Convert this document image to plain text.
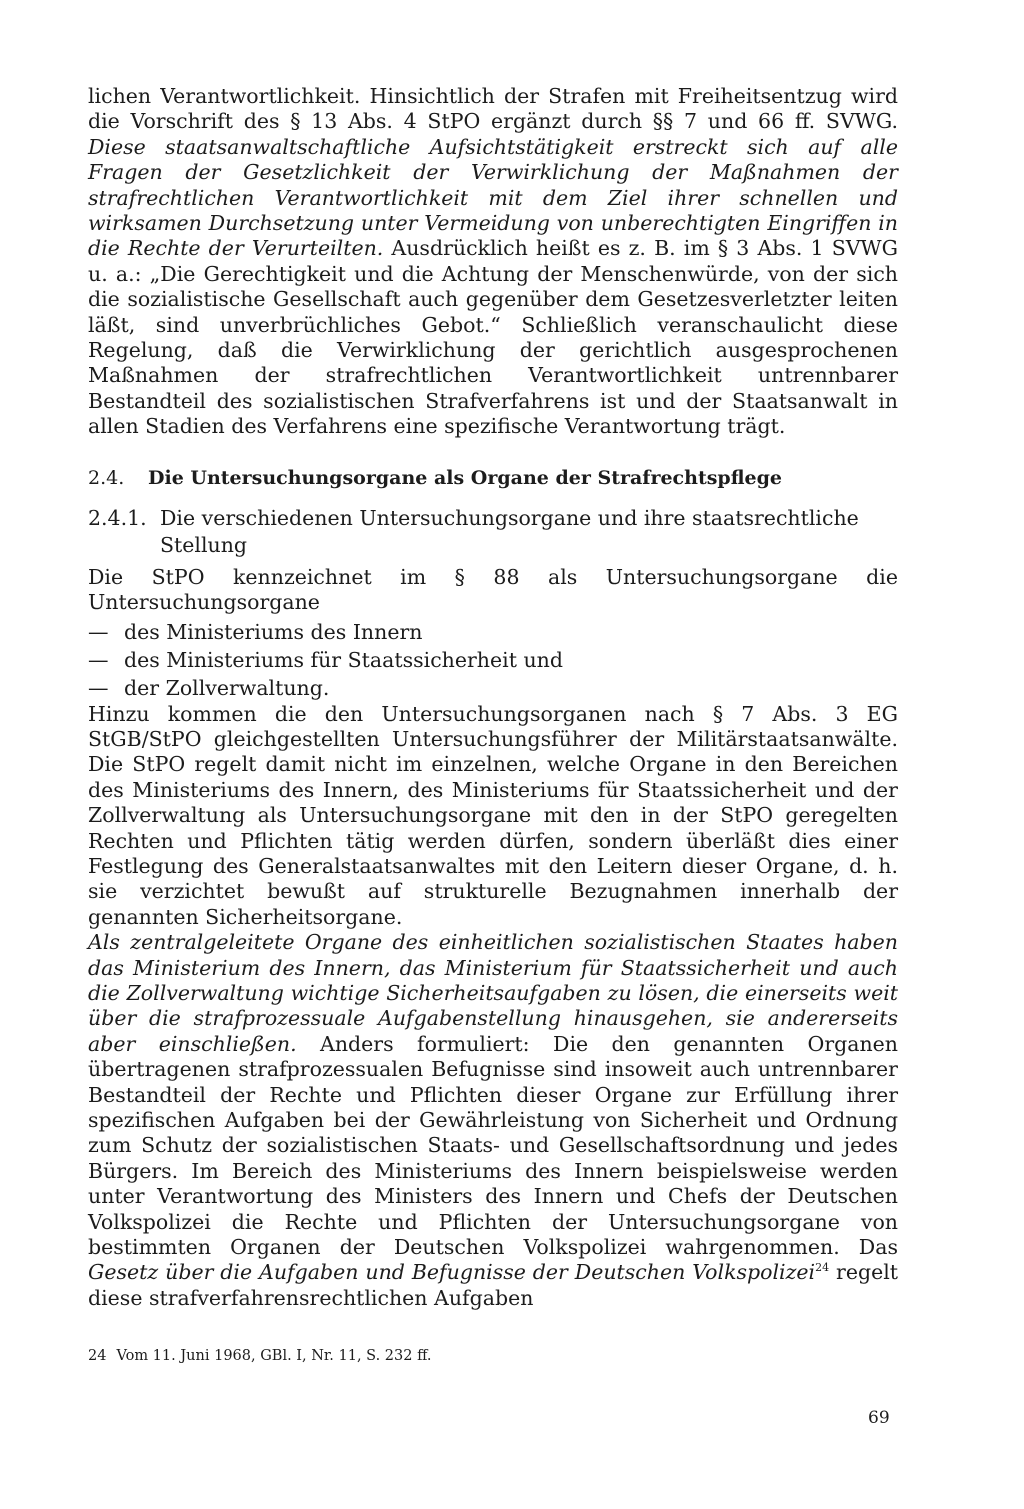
lichen Verantwortlichkeit. Hinsichtlich der Strafen mit Freiheitsentzug wird die Vorschrift des § 13 Abs. 4 StPO ergänzt durch §§ 7 und 66 ff. SVWG. Diese staatsanwaltschaftliche Aufsichtstätigkeit erstreckt sich auf alle Fragen der Gesetzlichkeit der Verwirklichung der Maßnahmen der strafrechtlichen Verantwortlichkeit mit dem Ziel ihrer schnellen und wirksamen Durchsetzung unter Vermeidung von unberechtigten Eingriffen in die Rechte der Verurteilten. Ausdrücklich heißt es z. B. im § 3 Abs. 1 SVWG u. a.: „Die Gerechtigkeit und die Achtung der Menschenwürde, von der sich die sozialistische Gesellschaft auch gegenüber dem Gesetzesverletzter leiten läßt, sind unverbrüchliches Gebot.“ Schließlich veranschaulicht diese Regelung, daß die Verwirklichung der gerichtlich ausgesprochenen Maßnahmen der strafrechtlichen Verantwortlichkeit untrennbarer Bestandteil des sozialistischen Strafverfahrens ist und der Staatsanwalt in allen Stadien des Verfahrens eine spezifische Verantwortung trägt.

2.4.	Die Untersuchungsorgane als Organe der Strafrechtspflege
2.4.1. Die verschiedenen Untersuchungsorgane und ihre staatsrechtliche Stellung

Die StPO kennzeichnet im § 88 als Untersuchungsorgane die Untersuchungsorgane

— des Ministeriums des Innern
— des Ministeriums für Staatssicherheit und
— der Zollverwaltung.

Hinzu kommen die den Untersuchungsorganen nach § 7 Abs. 3 EG StGB/StPO gleichgestellten Untersuchungsführer der Militärstaatsanwälte. Die StPO regelt damit nicht im einzelnen, welche Organe in den Bereichen des Ministeriums des Innern, des Ministeriums für Staatssicherheit und der Zollverwaltung als Untersuchungsorgane mit den in der StPO geregelten Rechten und Pflichten tätig werden dürfen, sondern überläßt dies einer Festlegung des Generalstaatsanwaltes mit den Leitern dieser Organe, d. h. sie verzichtet bewußt auf strukturelle Bezugnahmen innerhalb der genannten Sicherheitsorgane.

Als zentralgeleitete Organe des einheitlichen sozialistischen Staates haben das Ministerium des Innern, das Ministerium für Staatssicherheit und auch die Zollverwaltung wichtige Sicherheitsaufgaben zu lösen, die einerseits weit über die strafprozessuale Aufgabenstellung hinausgehen, sie andererseits aber einschließen. Anders formuliert: Die den genannten Organen übertragenen strafprozessualen Befugnisse sind insoweit auch untrennbarer Bestandteil der Rechte und Pflichten dieser Organe zur Erfüllung ihrer spezifischen Aufgaben bei der Gewährleistung von Sicherheit und Ordnung zum Schutz der sozialistischen Staats- und Gesellschaftsordnung und jedes Bürgers. Im Bereich des Ministeriums des Innern beispielsweise werden unter Verantwortung des Ministers des Innern und Chefs der Deutschen Volkspolizei die Rechte und Pflichten der Untersuchungsorgane von bestimmten Organen der Deutschen Volkspolizei wahrgenommen. Das Gesetz über die Aufgaben und Befugnisse der Deutschen Volkspolizei$^{24}$ regelt diese strafverfahrensrechtlichen Aufgaben

24 Vom 11. Juni 1968, GBl. I, Nr. 11, S. 232 ff.
69
